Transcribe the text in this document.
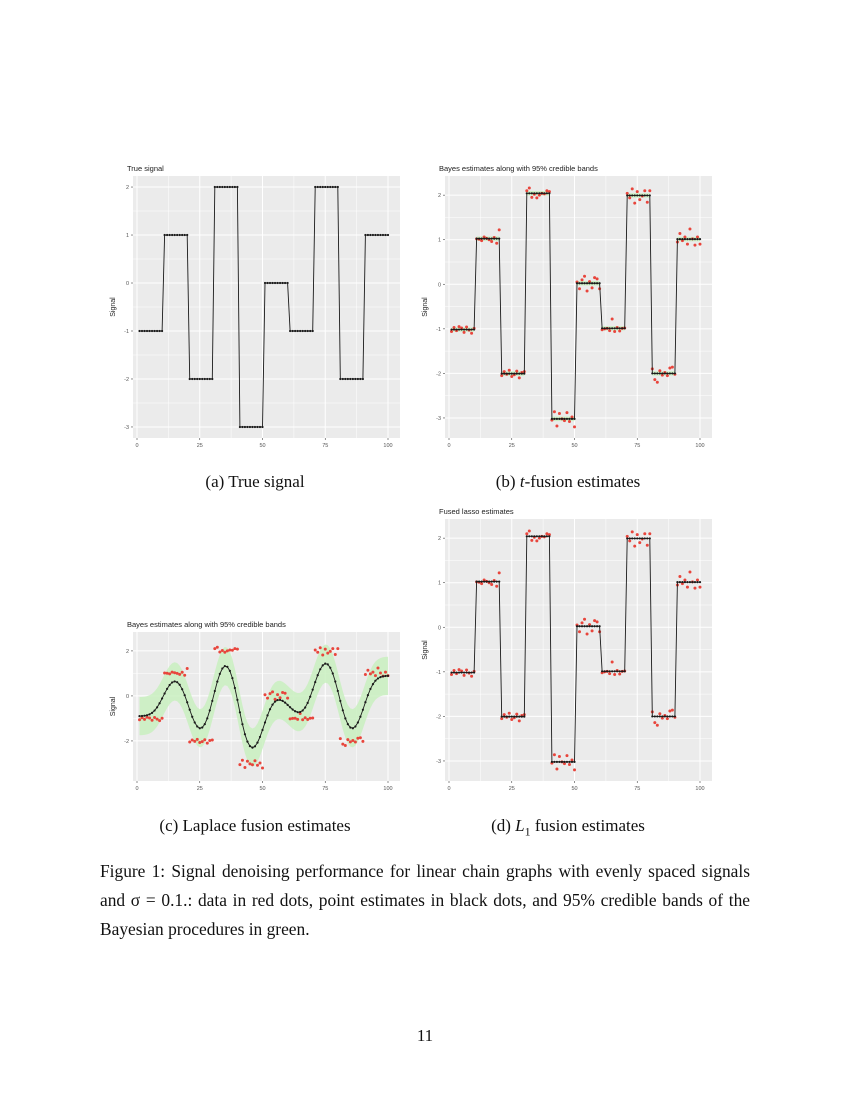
True signal
2
1
0
-1
-2
-3
0	25	50	75	100
Signal
Bayes estimates along with 95% credible bands
2
1
0
-1
-2
-3
0	25	50	75	100
Signal
Bayes estimates along with 95% credible bands
2
0
-2
0	25	50	75	100
Signal
Fused lasso estimates
2
1
0
-1
-2
-3
0	25	50	75	100
Signal
(a) True signal	(b) t-fusion estimates
(c) Laplace fusion estimates	(d) $L_1$ fusion estimates
Figure 1: Signal denoising performance for linear chain graphs with evenly spaced signals
and σ = 0.1.: data in red dots, point estimates in black dots, and 95% credible bands of the
Bayesian procedures in green.
11
